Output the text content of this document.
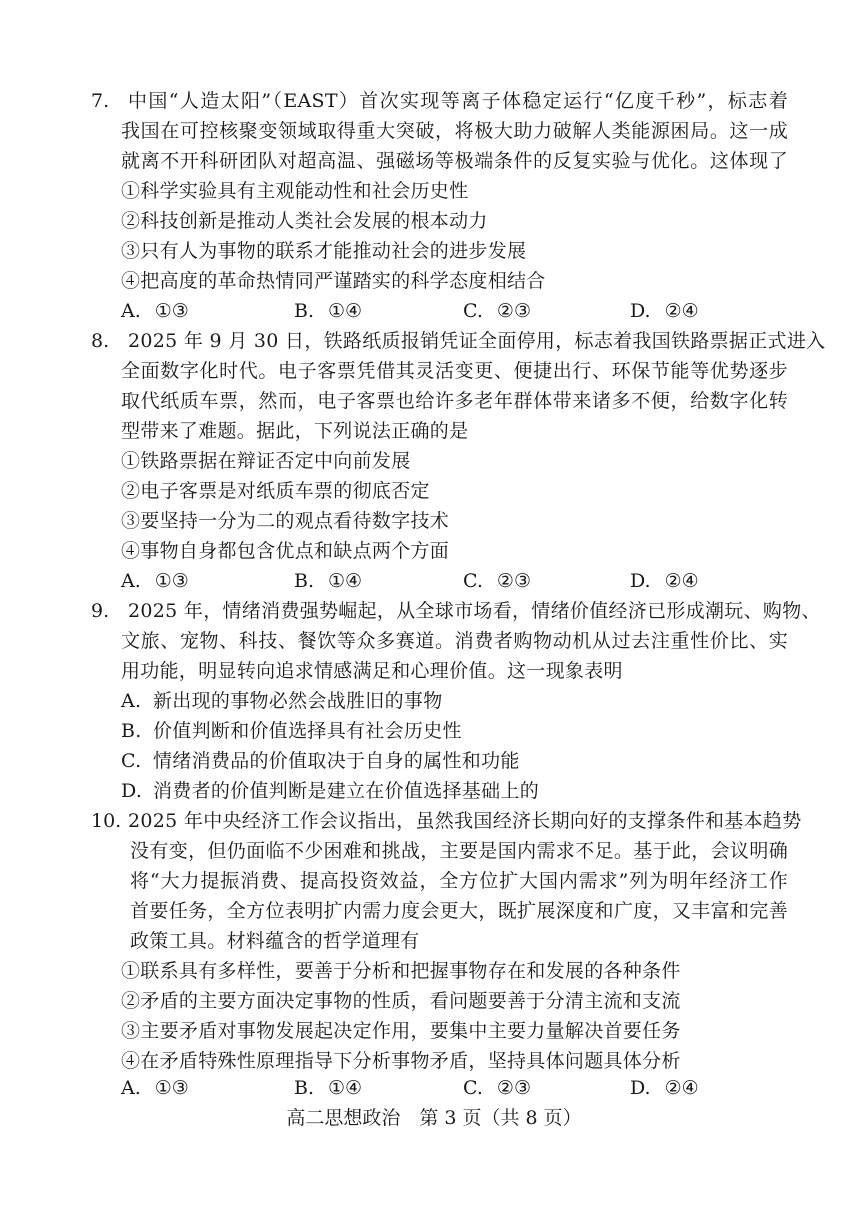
7. 中国“人造太阳”（EAST）首次实现等离子体稳定运行“亿度千秒”，标志着
我国在可控核聚变领域取得重大突破，将极大助力破解人类能源困局。这一成
就离不开科研团队对超高温、强磁场等极端条件的反复实验与优化。这体现了
①科学实验具有主观能动性和社会历史性
②科技创新是推动人类社会发展的根本动力
③只有人为事物的联系才能推动社会的进步发展
④把高度的革命热情同严谨踏实的科学态度相结合
A. ①③	B. ①④	C. ②③	D. ②④
8. 2025 年 9 月 30 日，铁路纸质报销凭证全面停用，标志着我国铁路票据正式进入
全面数字化时代。电子客票凭借其灵活变更、便捷出行、环保节能等优势逐步
取代纸质车票，然而，电子客票也给许多老年群体带来诸多不便，给数字化转
型带来了难题。据此，下列说法正确的是
①铁路票据在辩证否定中向前发展
②电子客票是对纸质车票的彻底否定
③要坚持一分为二的观点看待数字技术
④事物自身都包含优点和缺点两个方面
A. ①③	B. ①④	C. ②③	D. ②④
9. 2025 年，情绪消费强势崛起，从全球市场看，情绪价值经济已形成潮玩、购物、
文旅、宠物、科技、餐饮等众多赛道。消费者购物动机从过去注重性价比、实
用功能，明显转向追求情感满足和心理价值。这一现象表明
A. 新出现的事物必然会战胜旧的事物
B. 价值判断和价值选择具有社会历史性
C. 情绪消费品的价值取决于自身的属性和功能
D. 消费者的价值判断是建立在价值选择基础上的
10. 2025 年中央经济工作会议指出，虽然我国经济长期向好的支撑条件和基本趋势
没有变，但仍面临不少困难和挑战，主要是国内需求不足。基于此，会议明确
将“大力提振消费、提高投资效益，全方位扩大国内需求”列为明年经济工作
首要任务，全方位表明扩内需力度会更大，既扩展深度和广度，又丰富和完善
政策工具。材料蕴含的哲学道理有
①联系具有多样性，要善于分析和把握事物存在和发展的各种条件
②矛盾的主要方面决定事物的性质，看问题要善于分清主流和支流
③主要矛盾对事物发展起决定作用，要集中主要力量解决首要任务
④在矛盾特殊性原理指导下分析事物矛盾，坚持具体问题具体分析
A. ①③	B. ①④	C. ②③	D. ②④
高二思想政治　第 3 页（共 8 页）
